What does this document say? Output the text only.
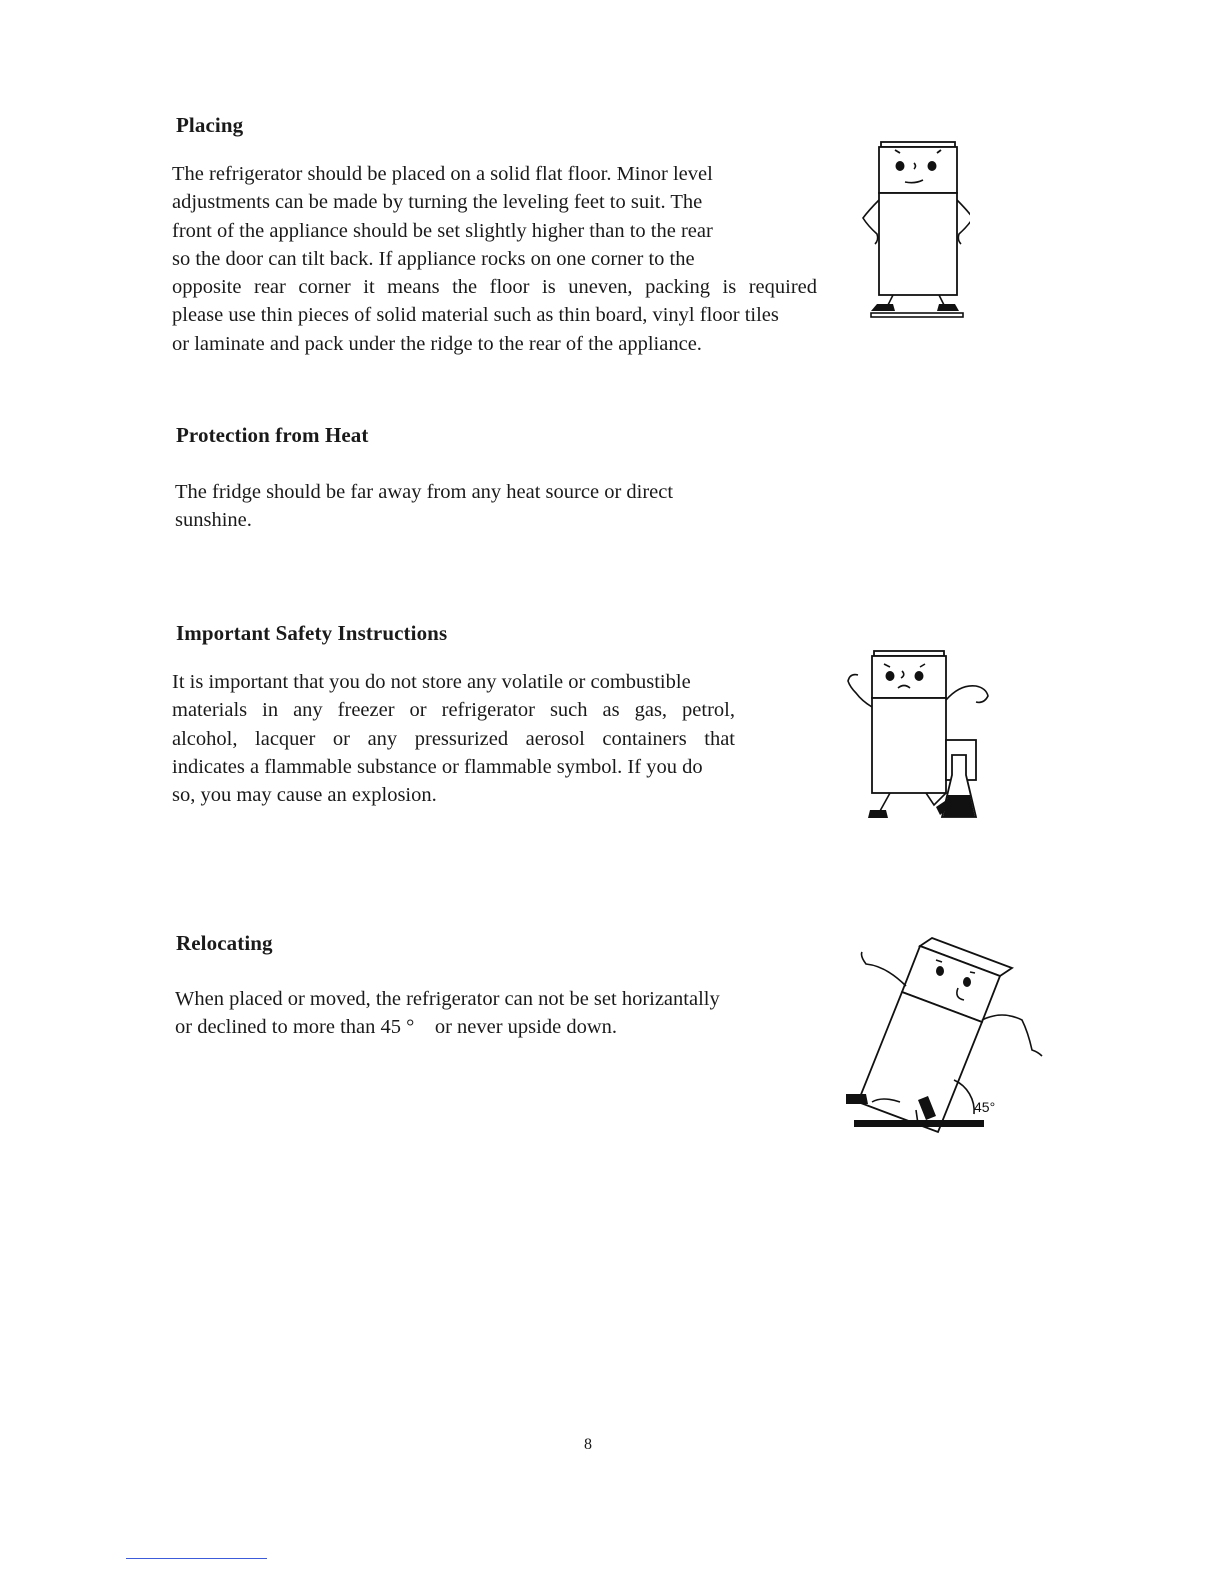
Placing
The refrigerator should be placed on a solid flat floor. Minor level
adjustments can be made by turning the leveling feet to suit. The
front of the appliance should be set slightly higher than to the rear
so the door can tilt back. If appliance rocks on one corner to the
opposite rear corner it means the floor is uneven, packing is required
please use thin pieces of solid material such as thin board, vinyl floor tiles
or laminate and pack under the ridge to the rear of the appliance.
Protection from Heat
The fridge should be far away from any heat source or direct
sunshine.
Important Safety Instructions
It is important that you do not store any volatile or combustible
materials in any freezer or refrigerator such as gas, petrol,
alcohol, lacquer or any pressurized aerosol containers that
indicates a flammable substance or flammable symbol. If you do
so, you may cause an explosion.
Relocating
When placed or moved, the refrigerator can not be set horizantally
or declined to more than 45 °    or never upside down.
45°
8
